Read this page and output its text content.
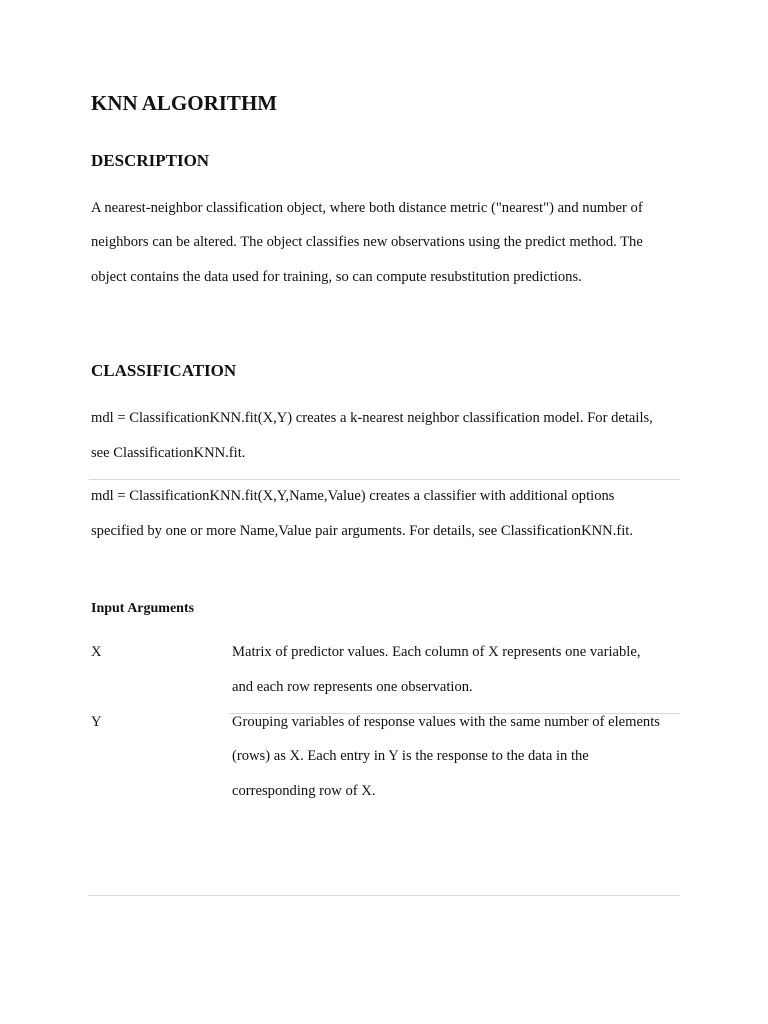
KNN ALGORITHM
DESCRIPTION
A nearest-neighbor classification object, where both distance metric ("nearest") and number of
neighbors can be altered. The object classifies new observations using the predict method. The
object contains the data used for training, so can compute resubstitution predictions.
CLASSIFICATION
mdl = ClassificationKNN.fit(X,Y) creates a k-nearest neighbor classification model. For details,
see ClassificationKNN.fit.
mdl = ClassificationKNN.fit(X,Y,Name,Value) creates a classifier with additional options
specified by one or more Name,Value pair arguments. For details, see ClassificationKNN.fit.
Input Arguments
X	Matrix of predictor values. Each column of X represents one variable,
and each row represents one observation.
Y	Grouping variables of response values with the same number of elements
(rows) as X. Each entry in Y is the response to the data in the
corresponding row of X.
